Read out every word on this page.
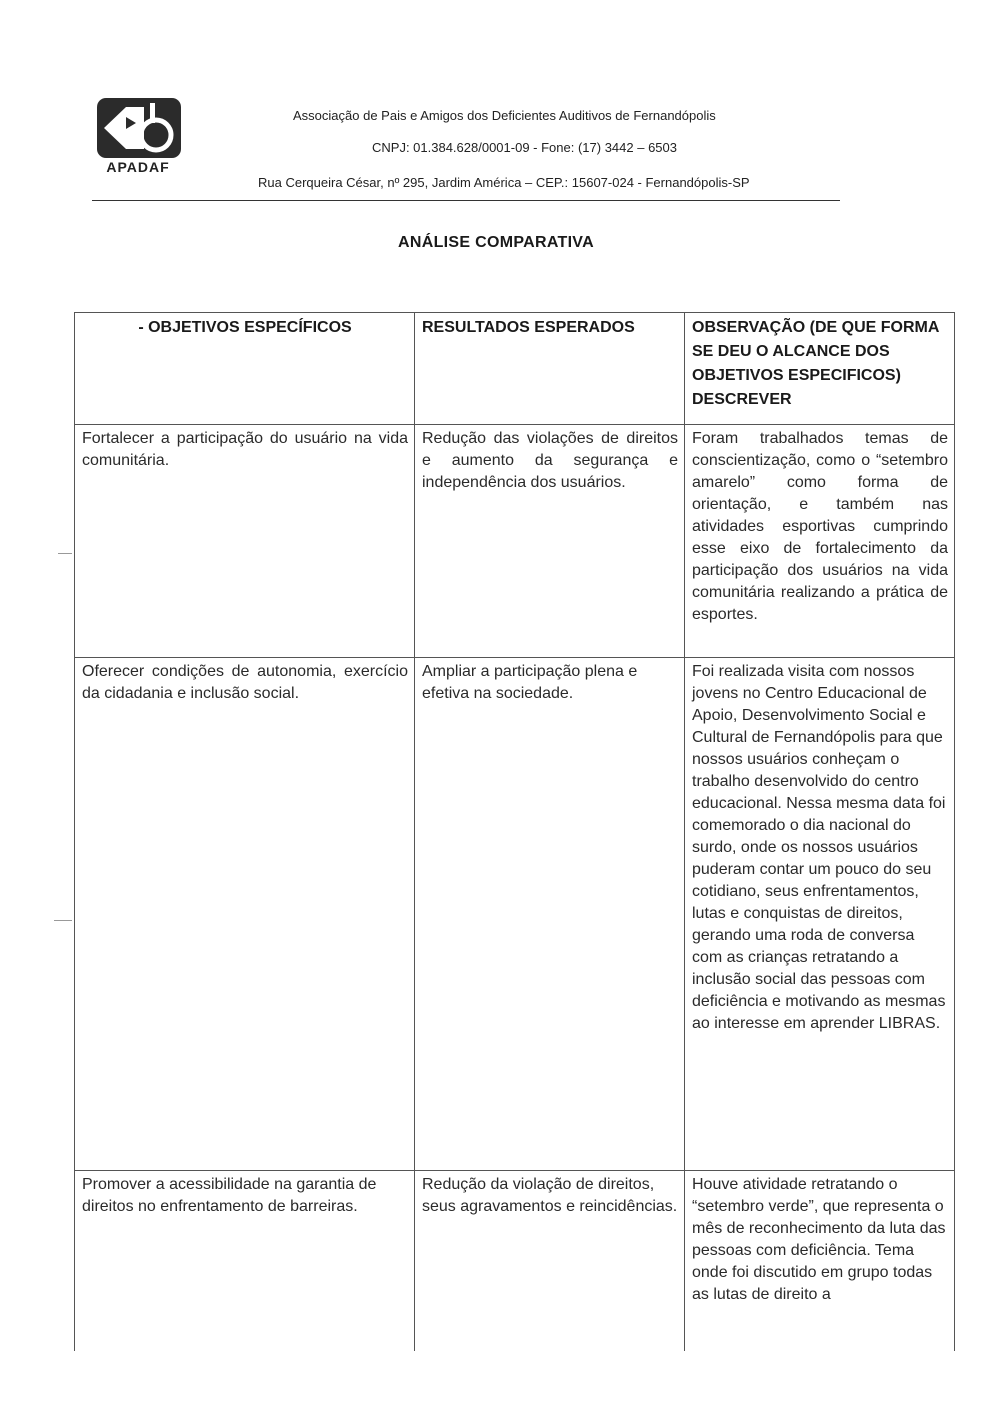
APADAF
Associação de Pais e Amigos dos Deficientes Auditivos de Fernandópolis
CNPJ: 01.384.628/0001-09 - Fone: (17) 3442 – 6503
Rua Cerqueira César, nº 295, Jardim América – CEP.: 15607-024 - Fernandópolis-SP
ANÁLISE COMPARATIVA
- OBJETIVOS ESPECÍFICOS	RESULTADOS ESPERADOS	OBSERVAÇÃO (DE QUE FORMA SE DEU O ALCANCE DOS OBJETIVOS ESPECIFICOS) DESCREVER
Fortalecer a participação do usuário na vida comunitária.	Redução das violações de direitos e aumento da segurança e independência dos usuários.	Foram trabalhados temas de conscientização, como o “setembro amarelo” como forma de orientação, e também nas atividades esportivas cumprindo esse eixo de fortalecimento da participação dos usuários na vida comunitária realizando a prática de esportes.
Oferecer condições de autonomia, exercício da cidadania e inclusão social.	Ampliar a participação plena e efetiva na sociedade.	Foi realizada visita com nossos jovens no Centro Educacional de Apoio, Desenvolvimento Social e Cultural de Fernandópolis para que nossos usuários conheçam o trabalho desenvolvido do centro educacional. Nessa mesma data foi comemorado o dia nacional do surdo, onde os nossos usuários puderam contar um pouco do seu cotidiano, seus enfrentamentos, lutas e conquistas de direitos, gerando uma roda de conversa com as crianças retratando a inclusão social das pessoas com deficiência e motivando as mesmas ao interesse em aprender LIBRAS.
Promover a acessibilidade na garantia de direitos no enfrentamento de barreiras.	Redução da violação de direitos, seus agravamentos e reincidências.	Houve atividade retratando o “setembro verde”, que representa o mês de reconhecimento da luta das pessoas com deficiência. Tema onde foi discutido em grupo todas as lutas de direito a
